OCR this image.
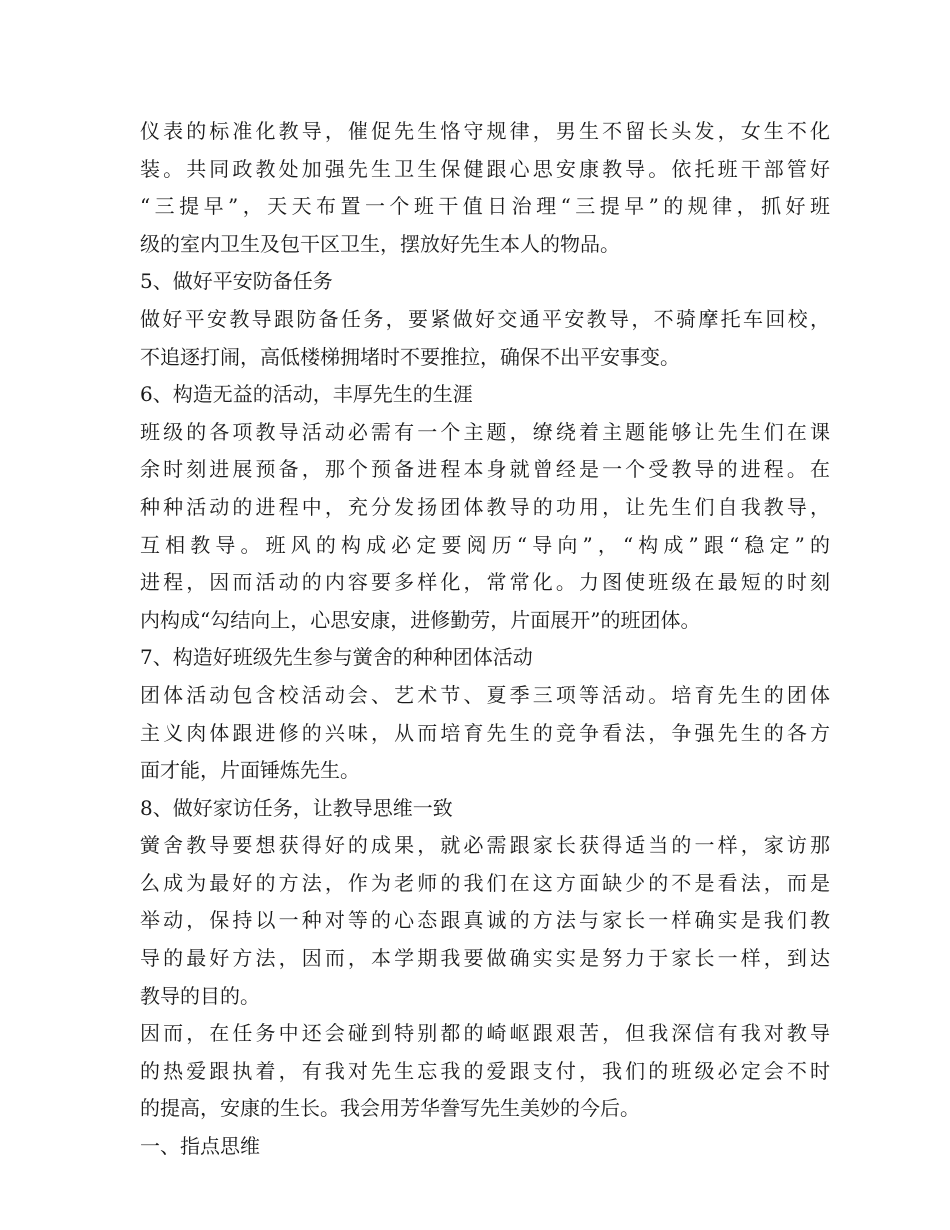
仪表的标准化教导，催促先生恪守规律，男生不留长头发，女生不化

装。共同政教处加强先生卫生保健跟心思安康教导。依托班干部管好

“三提早”，天天布置一个班干值日治理“三提早”的规律，抓好班

级的室内卫生及包干区卫生，摆放好先生本人的物品。

5、做好平安防备任务

做好平安教导跟防备任务，要紧做好交通平安教导，不骑摩托车回校，

不追逐打闹，高低楼梯拥堵时不要推拉，确保不出平安事变。

6、构造无益的活动，丰厚先生的生涯

班级的各项教导活动必需有一个主题，缭绕着主题能够让先生们在课

余时刻进展预备，那个预备进程本身就曾经是一个受教导的进程。在

种种活动的进程中，充分发扬团体教导的功用，让先生们自我教导，

互相教导。班风的构成必定要阅历“导向”，“构成”跟“稳定”的

进程，因而活动的内容要多样化，常常化。力图使班级在最短的时刻

内构成“勾结向上，心思安康，进修勤劳，片面展开”的班团体。

7、构造好班级先生参与黉舍的种种团体活动

团体活动包含校活动会、艺术节、夏季三项等活动。培育先生的团体

主义肉体跟进修的兴味，从而培育先生的竞争看法，争强先生的各方

面才能，片面锤炼先生。

8、做好家访任务，让教导思维一致

黉舍教导要想获得好的成果，就必需跟家长获得适当的一样，家访那

么成为最好的方法，作为老师的我们在这方面缺少的不是看法，而是

举动，保持以一种对等的心态跟真诚的方法与家长一样确实是我们教

导的最好方法，因而，本学期我要做确实实是努力于家长一样，到达

教导的目的。

因而，在任务中还会碰到特别都的崎岖跟艰苦，但我深信有我对教导

的热爱跟执着，有我对先生忘我的爱跟支付，我们的班级必定会不时

的提高，安康的生长。我会用芳华誊写先生美妙的今后。

一、指点思维
